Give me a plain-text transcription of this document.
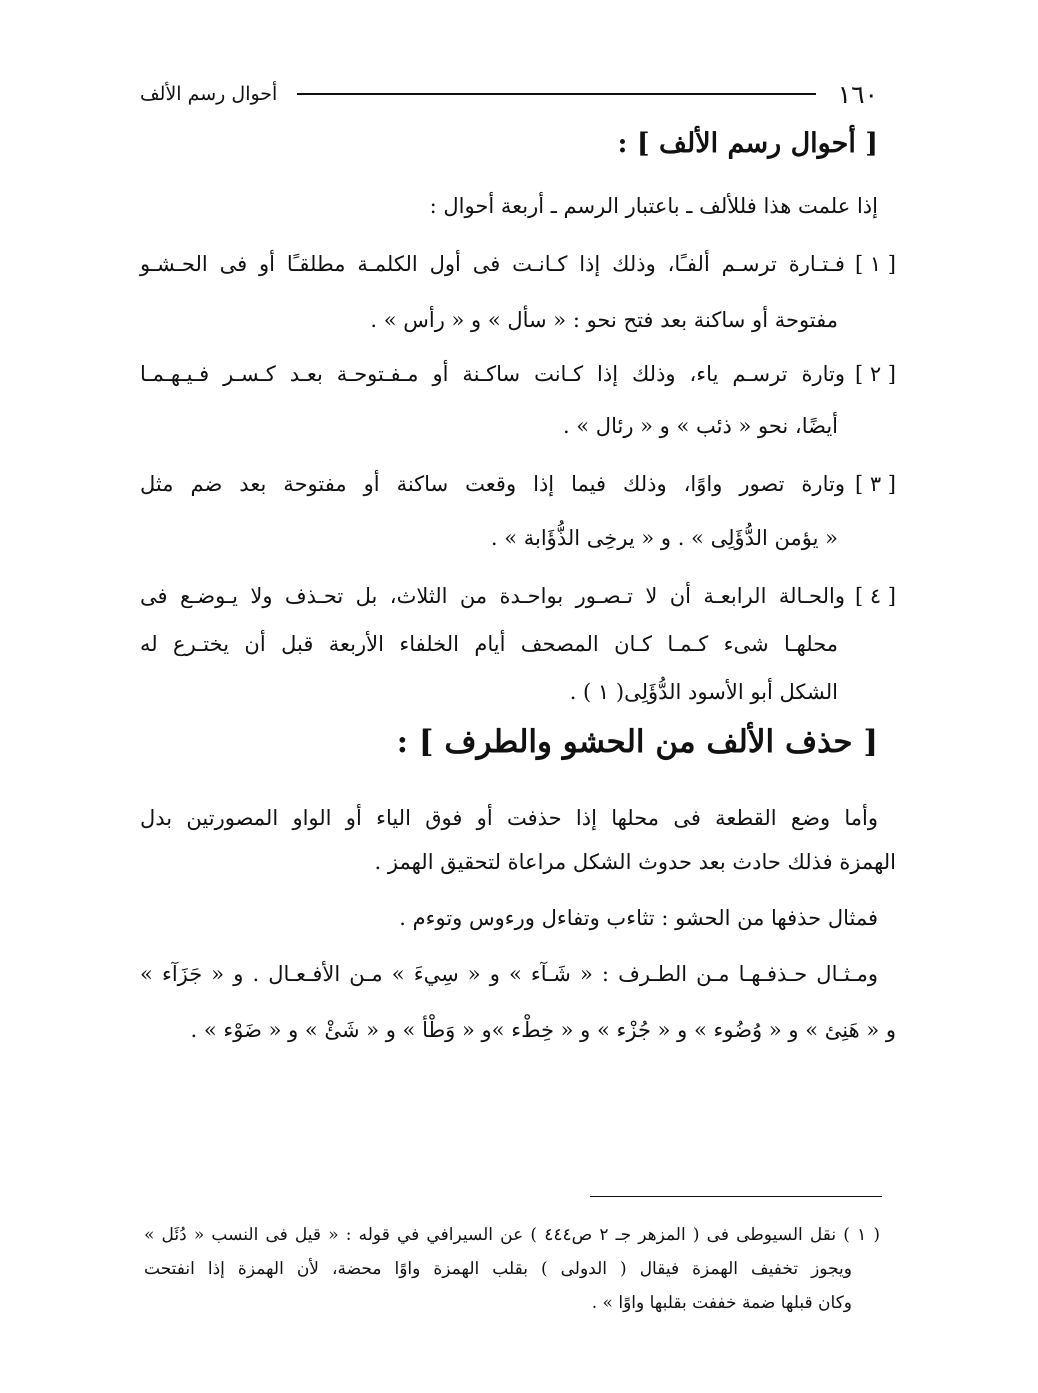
١٦٠
أحوال رسم الألف
[ أحوال رسم الألف ] :
إذا علمت هذا فللألف ـ باعتبار الرسم ـ أربعة أحوال :
[ ١ ]
فـتـارة ترسـم ألفـًا، وذلك إذا كـانـت فى أول الكلمـة مطلقـًا أو فى الحـشـو
مفتوحة أو ساكنة بعد فتح نحو : « سأل » و « رأس » .
[ ٢ ]
وتارة ترسـم ياء، وذلك إذا كـانت ساكـنة أو مـفـتوحـة بعـد كـسـر فـيـهـمـا
أيضًا، نحو « ذئب » و « رئال » .
[ ٣ ]
وتارة تصور واوًا، وذلك فيما إذا وقعت ساكنة أو مفتوحة بعد ضم مثل
« يؤمن الدُّؤَلِى » . و « يرخِى الذُّؤَابة » .
[ ٤ ]
والحـالة الرابعـة أن لا تـصـور بواحـدة من الثلاث، بل تحـذف ولا يـوضـع فى
محلهـا شىء كـمـا كـان المصحف أيام الخلفاء الأربعة قبل أن يختـرع له
الشكل أبو الأسود الدُّؤَلِى( ١ ) .
[ حذف الألف من الحشو والطرف ] :
وأما وضع القطعة فى محلها إذا حذفت أو فوق الياء أو الواو المصورتين بدل
الهمزة فذلك حادث بعد حدوث الشكل مراعاة لتحقيق الهمز .
فمثال حذفها من الحشو : تثاءب وتفاءل ورءوس وتوءم .
ومـثـال حـذفـهـا مـن الطـرف : « شَـآء » و « سِيءَ » مـن الأفـعـال . و « جَزَآء »
و « هَنِئ » و « وُضُوء » و « جُزْء » و « خِطْء »و « وَطْأ » و « شَئْ » و « ضَوْء » .
( ١ ) نقل السيوطى فى ( المزهر جـ ٢ ص٤٤٤ ) عن السيرافي في قوله : « قيل فى النسب « دُئَل »
ويجوز تخفيف الهمزة فيقال ( الدولى ) بقلب الهمزة واوًا محضة، لأن الهمزة إذا انفتحت
وكان قبلها ضمة خففت بقلبها واوًا » .
